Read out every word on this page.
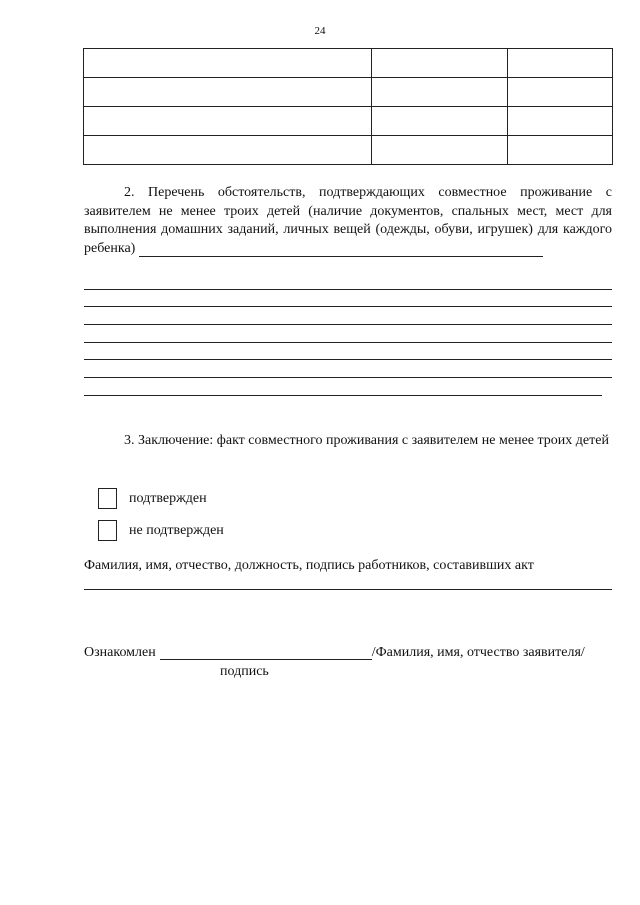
24

2. Перечень обстоятельств, подтверждающих совместное проживание с заявителем не менее троих детей (наличие документов, спальных мест, мест для выполнения домашних заданий, личных вещей (одежды, обуви, игрушек) для каждого ребенка)

3. Заключение: факт совместного проживания с заявителем не менее троих детей

подтвержден
не подтвержден
Фамилия, имя, отчество, должность, подпись работников, составивших акт
Ознакомлен	/Фамилия, имя, отчество заявителя/
подпись
